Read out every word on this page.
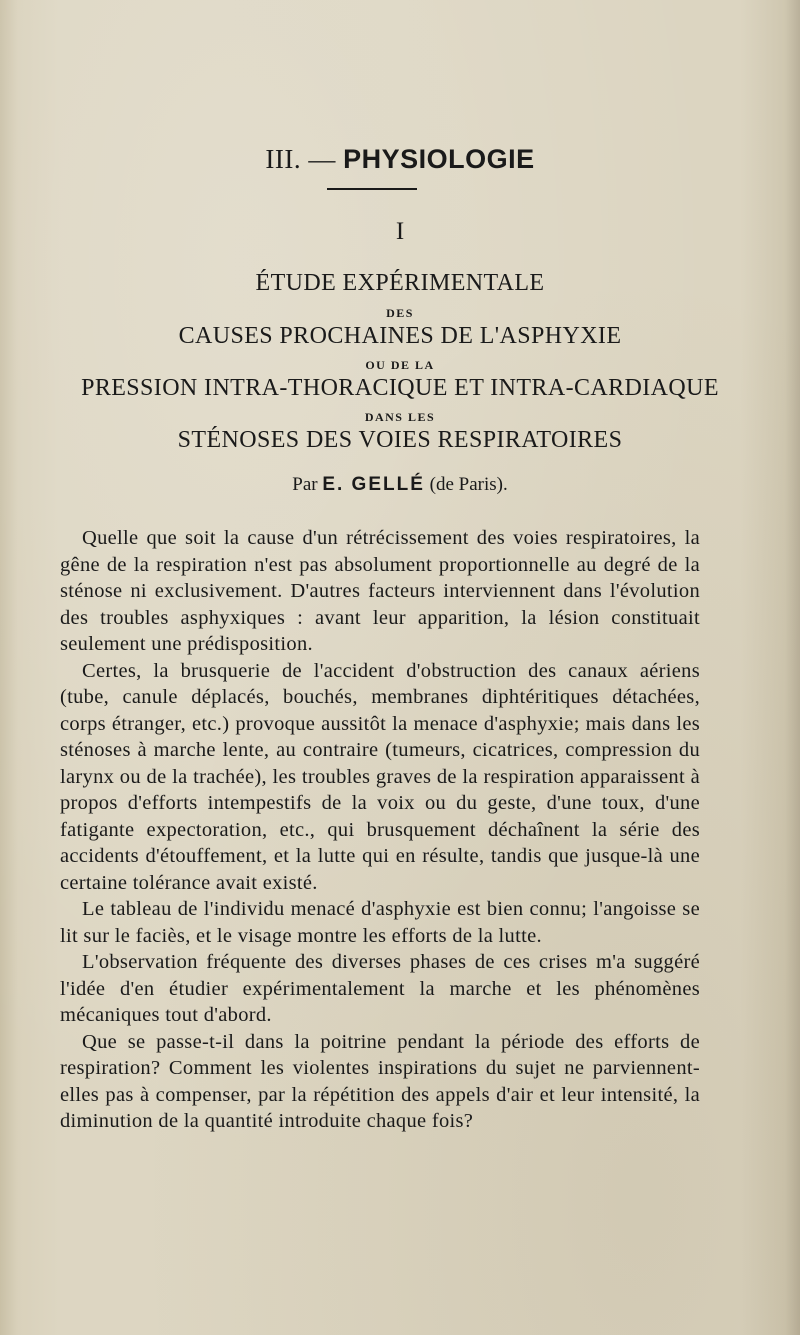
III. — PHYSIOLOGIE
I
ÉTUDE EXPÉRIMENTALE
DES
CAUSES PROCHAINES DE L'ASPHYXIE
OU DE LA
PRESSION INTRA-THORACIQUE ET INTRA-CARDIAQUE
DANS LES
STÉNOSES DES VOIES RESPIRATOIRES
Par E. GELLÉ (de Paris).

Quelle que soit la cause d'un rétrécissement des voies respiratoires, la gêne de la respiration n'est pas absolument proportionnelle au degré de la sténose ni exclusivement. D'autres facteurs interviennent dans l'évolution des troubles asphyxiques : avant leur apparition, la lésion constituait seulement une prédisposition.

Certes, la brusquerie de l'accident d'obstruction des canaux aériens (tube, canule déplacés, bouchés, membranes diphtéritiques détachées, corps étranger, etc.) provoque aussitôt la menace d'asphyxie; mais dans les sténoses à marche lente, au contraire (tumeurs, cicatrices, compression du larynx ou de la trachée), les troubles graves de la respiration apparaissent à propos d'efforts intempestifs de la voix ou du geste, d'une toux, d'une fatigante expectoration, etc., qui brusquement déchaînent la série des accidents d'étouffement, et la lutte qui en résulte, tandis que jusque-là une certaine tolérance avait existé.

Le tableau de l'individu menacé d'asphyxie est bien connu; l'angoisse se lit sur le faciès, et le visage montre les efforts de la lutte.

L'observation fréquente des diverses phases de ces crises m'a suggéré l'idée d'en étudier expérimentalement la marche et les phénomènes mécaniques tout d'abord.

Que se passe-t-il dans la poitrine pendant la période des efforts de respiration? Comment les violentes inspirations du sujet ne parviennent-elles pas à compenser, par la répétition des appels d'air et leur intensité, la diminution de la quantité introduite chaque fois?
